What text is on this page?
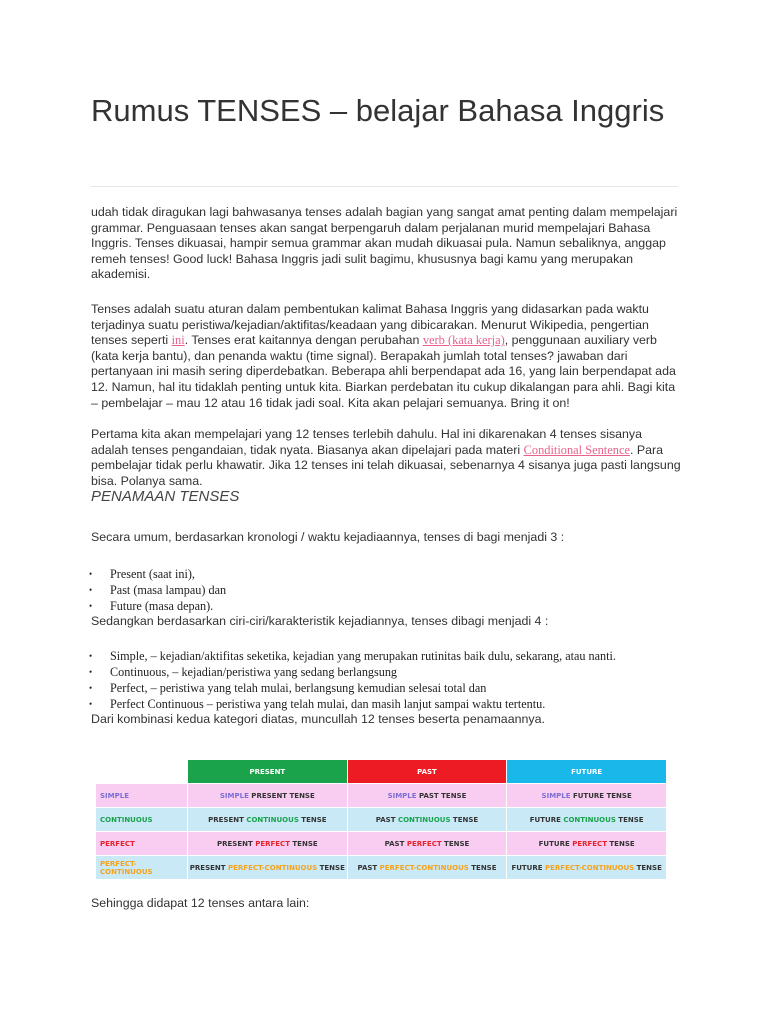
Rumus TENSES – belajar Bahasa Inggris

udah tidak diragukan lagi bahwasanya tenses adalah bagian yang sangat amat penting dalam mempelajari grammar. Penguasaan tenses akan sangat berpengaruh dalam perjalanan murid mempelajari Bahasa Inggris. Tenses dikuasai, hampir semua grammar akan mudah dikuasai pula. Namun sebaliknya, anggap remeh tenses! Good luck! Bahasa Inggris jadi sulit bagimu, khususnya bagi kamu yang merupakan akademisi.

Tenses adalah suatu aturan dalam pembentukan kalimat Bahasa Inggris yang didasarkan pada waktu terjadinya suatu peristiwa/kejadian/aktifitas/keadaan yang dibicarakan. Menurut Wikipedia, pengertian tenses seperti ini. Tenses erat kaitannya dengan perubahan verb (kata kerja), penggunaan auxiliary verb (kata kerja bantu), dan penanda waktu (time signal). Berapakah jumlah total tenses? jawaban dari pertanyaan ini masih sering diperdebatkan. Beberapa ahli berpendapat ada 16, yang lain berpendapat ada 12. Namun, hal itu tidaklah penting untuk kita. Biarkan perdebatan itu cukup dikalangan para ahli. Bagi kita – pembelajar – mau 12 atau 16 tidak jadi soal. Kita akan pelajari semuanya. Bring it on!

Pertama kita akan mempelajari yang 12 tenses terlebih dahulu. Hal ini dikarenakan 4 tenses sisanya adalah tenses pengandaian, tidak nyata. Biasanya akan dipelajari pada materi Conditional Sentence. Para pembelajar tidak perlu khawatir. Jika 12 tenses ini telah dikuasai, sebenarnya 4 sisanya juga pasti langsung bisa. Polanya sama.

PENAMAAN TENSES

Secara umum, berdasarkan kronologi / waktu kejadiaannya, tenses di bagi menjadi 3 :

• Present (saat ini),
• Past (masa lampau) dan
• Future (masa depan).

Sedangkan berdasarkan ciri-ciri/karakteristik kejadiannya, tenses dibagi menjadi 4 :

• Simple, – kejadian/aktifitas seketika, kejadian yang merupakan rutinitas baik dulu, sekarang, atau nanti.
• Continuous, – kejadian/peristiwa yang sedang berlangsung
• Perfect, – peristiwa yang telah mulai, berlangsung kemudian selesai total dan
• Perfect Continuous – peristiwa yang telah mulai, dan masih lanjut sampai waktu tertentu.

Dari kombinasi kedua kategori diatas, muncullah 12 tenses beserta penamaannya.

	PRESENT	PAST	FUTURE
SIMPLE	SIMPLE PRESENT TENSE	SIMPLE PAST TENSE	SIMPLE FUTURE TENSE
CONTINUOUS	PRESENT CONTINUOUS TENSE	PAST CONTINUOUS TENSE	FUTURE CONTINUOUS TENSE
PERFECT	PRESENT PERFECT TENSE	PAST PERFECT TENSE	FUTURE PERFECT TENSE
PERFECT-CONTINUOUS	PRESENT PERFECT-CONTINUOUS TENSE	PAST PERFECT-CONTINUOUS TENSE	FUTURE PERFECT-CONTINUOUS TENSE

Sehingga didapat 12 tenses antara lain:
